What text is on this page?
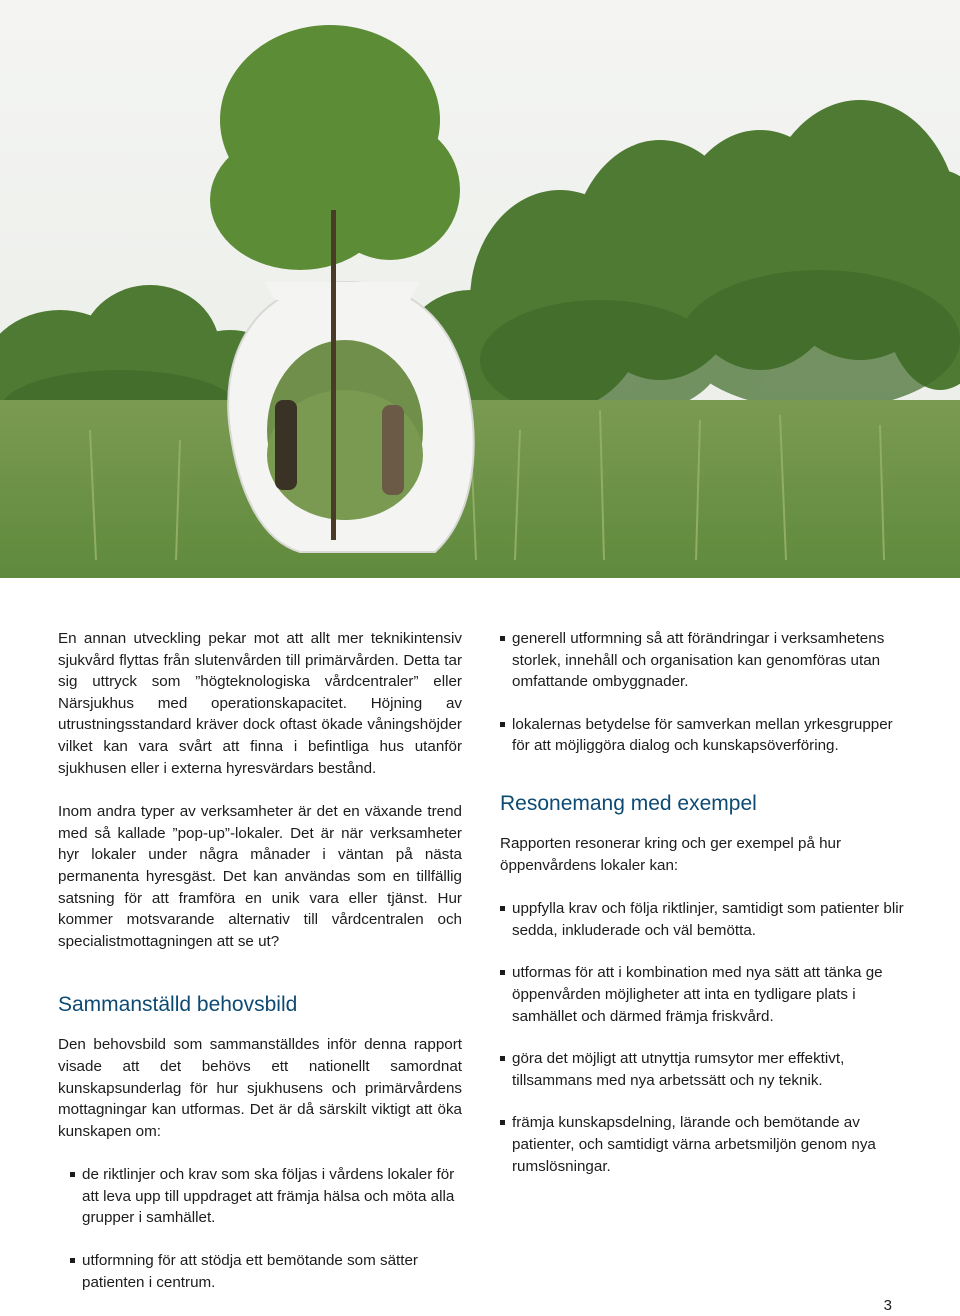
En annan utveckling pekar mot att allt mer teknikintensiv sjukvård flyttas från slutenvården till primärvården. Detta tar sig uttryck som ”högteknologiska vårdcentraler” eller Närsjukhus med operationskapacitet. Höjning av utrustningsstandard kräver dock oftast ökade våningshöjder vilket kan vara svårt att finna i befintliga hus utanför sjukhusen eller i externa hyresvärdars bestånd.

Inom andra typer av verksamheter är det en växande trend med så kallade ”pop-up”-lokaler. Det är när verksamheter hyr lokaler under några månader i väntan på nästa permanenta hyresgäst. Det kan användas som en tillfällig satsning för att framföra en unik vara eller tjänst. Hur kommer motsvarande alternativ till vårdcentralen och specialistmottagningen att se ut?

Sammanställd behovsbild

Den behovsbild som sammanställdes inför denna rapport visade att det behövs ett nationellt samordnat kunskapsunderlag för hur sjukhusens och primärvårdens mottagningar kan utformas. Det är då särskilt viktigt att öka kunskapen om:

de riktlinjer och krav som ska följas i vårdens lokaler för att leva upp till uppdraget att främja hälsa och möta alla grupper i samhället.
utformning för att stödja ett bemötande som sätter patienten i centrum.
generell utformning så att förändringar i verksamhetens storlek, innehåll och organisation kan genomföras utan omfattande ombyggnader.
lokalernas betydelse för samverkan mellan yrkesgrupper för att möjliggöra dialog och kunskapsöverföring.
Resonemang med exempel

Rapporten resonerar kring och ger exempel på hur öppenvårdens lokaler kan:

uppfylla krav och följa riktlinjer, samtidigt som patienter blir sedda, inkluderade och väl bemötta.
utformas för att i kombination med nya sätt att tänka ge öppenvården möjligheter att inta en tydligare plats i samhället och därmed främja friskvård.
göra det möjligt att utnyttja rumsytor mer effektivt, tillsammans med nya arbetssätt och ny teknik.
främja kunskapsdelning, lärande och bemötande av patienter, och samtidigt värna arbetsmiljön genom nya rumslösningar.
3
